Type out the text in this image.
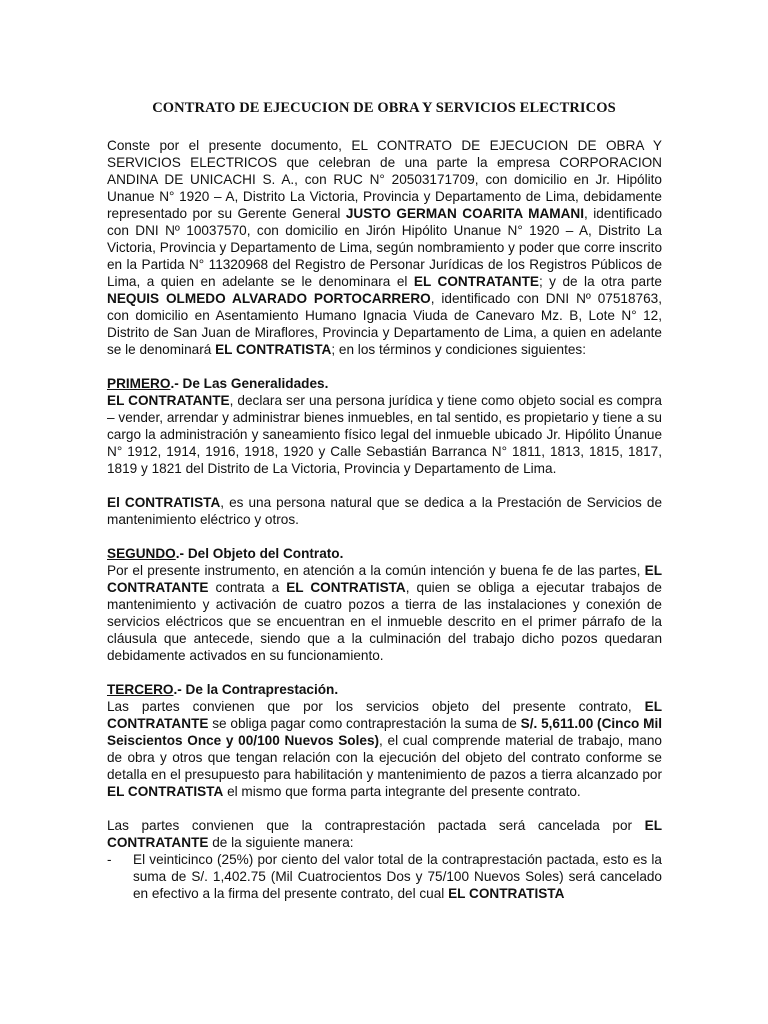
CONTRATO DE EJECUCION DE OBRA Y SERVICIOS ELECTRICOS

Conste por el presente documento, EL CONTRATO DE EJECUCION DE OBRA Y SERVICIOS ELECTRICOS que celebran de una parte la empresa CORPORACION ANDINA DE UNICACHI S. A., con RUC N° 20503171709, con domicilio en Jr. Hipólito Unanue N° 1920 – A, Distrito La Victoria, Provincia y Departamento de Lima, debidamente representado por su Gerente General JUSTO GERMAN COARITA MAMANI, identificado con DNI Nº 10037570, con domicilio en Jirón Hipólito Unanue N° 1920 – A, Distrito La Victoria, Provincia y Departamento de Lima, según nombramiento y poder que corre inscrito en la Partida N° 11320968 del Registro de Personar Jurídicas de los Registros Públicos de Lima, a quien en adelante se le denominara el EL CONTRATANTE; y de la otra parte NEQUIS OLMEDO ALVARADO PORTOCARRERO, identificado con DNI Nº 07518763, con domicilio en Asentamiento Humano Ignacia Viuda de Canevaro Mz. B, Lote N° 12, Distrito de San Juan de Miraflores, Provincia y Departamento de Lima, a quien en adelante se le denominará EL CONTRATISTA; en los términos y condiciones siguientes:

PRIMERO.- De Las Generalidades.

EL CONTRATANTE, declara ser una persona jurídica y tiene como objeto social es compra – vender, arrendar y administrar bienes inmuebles, en tal sentido, es propietario y tiene a su cargo la administración y saneamiento físico legal del inmueble ubicado Jr. Hipólito Únanue N° 1912, 1914, 1916, 1918, 1920 y Calle Sebastián Barranca N° 1811, 1813, 1815, 1817, 1819 y 1821 del Distrito de La Victoria, Provincia y Departamento de Lima.

El CONTRATISTA, es una persona natural que se dedica a la Prestación de Servicios de mantenimiento eléctrico y otros.

SEGUNDO.- Del Objeto del Contrato.

Por el presente instrumento, en atención a la común intención y buena fe de las partes, EL CONTRATANTE contrata a EL CONTRATISTA, quien se obliga a ejecutar trabajos de mantenimiento y activación de cuatro pozos a tierra de las instalaciones y conexión de servicios eléctricos que se encuentran en el inmueble descrito en el primer párrafo de la cláusula que antecede, siendo que a la culminación del trabajo dicho pozos quedaran debidamente activados en su funcionamiento.

TERCERO.- De la Contraprestación.

Las partes convienen que por los servicios objeto del presente contrato, EL CONTRATANTE se obliga pagar como contraprestación la suma de S/. 5,611.00 (Cinco Mil Seiscientos Once y 00/100 Nuevos Soles), el cual comprende material de trabajo, mano de obra y otros que tengan relación con la ejecución del objeto del contrato conforme se detalla en el presupuesto para habilitación y mantenimiento de pazos a tierra alcanzado por EL CONTRATISTA el mismo que forma parta integrante del presente contrato.

Las partes convienen que la contraprestación pactada será cancelada por EL CONTRATANTE de la siguiente manera:

- El veinticinco (25%) por ciento del valor total de la contraprestación pactada, esto es la suma de S/. 1,402.75 (Mil Cuatrocientos Dos y 75/100 Nuevos Soles) será cancelado en efectivo a la firma del presente contrato, del cual EL CONTRATISTA
